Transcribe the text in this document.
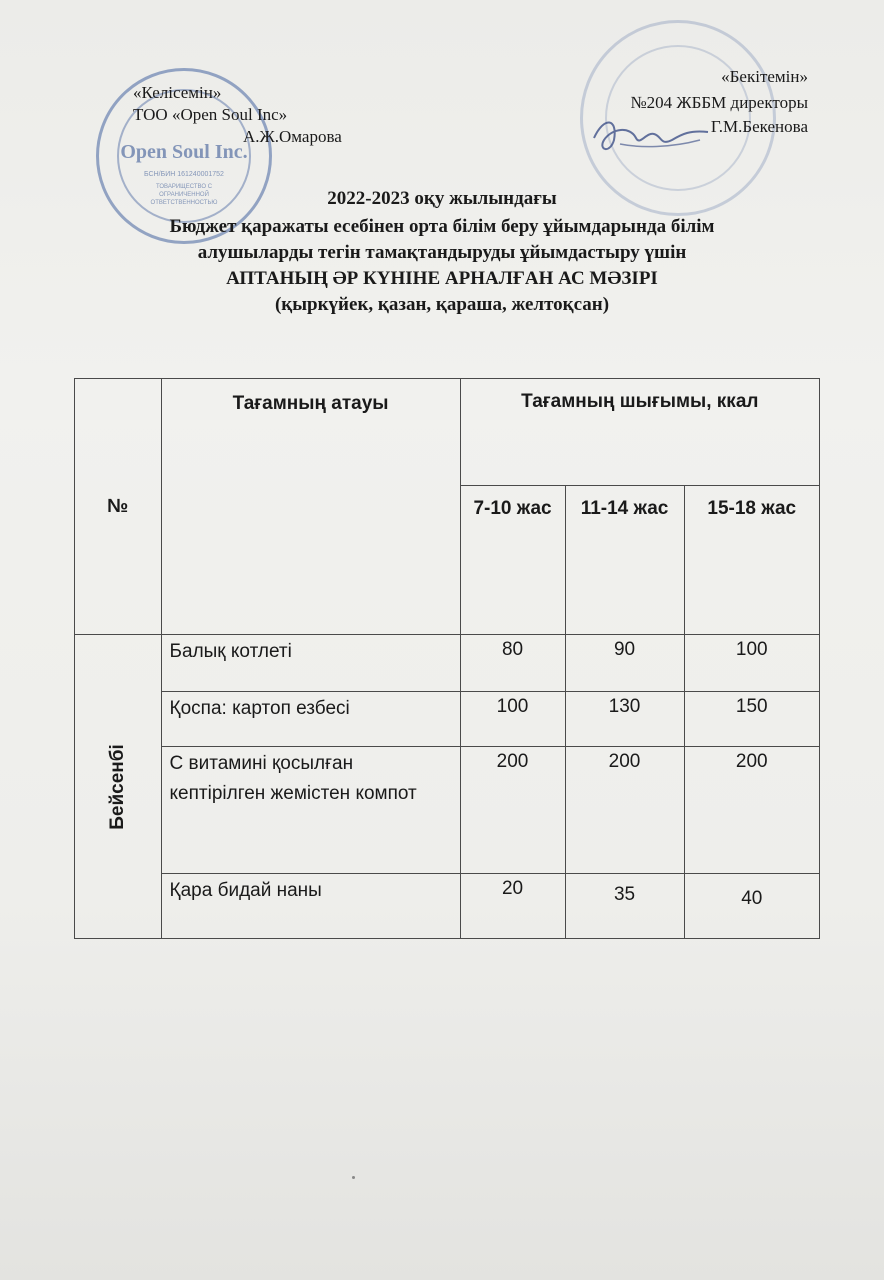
Open Soul Inc.
БСН/БИН 161240001752
ТОВАРИЩЕСТВО С ОГРАНИЧЕННОЙ ОТВЕТСТВЕННОСТЬЮ
«Келісемін»
ТОО «Open Soul Inc»
А.Ж.Омарова
«Бекітемін»
№204 ЖББМ директоры
Г.М.Бекенова
2022-2023 оқу жылындағы
Бюджет қаражаты есебінен орта білім беру ұйымдарында білім
алушыларды тегін тамақтандыруды ұйымдастыру үшін
АПТАНЫҢ ӘР КҮНІНЕ АРНАЛҒАН АС МӘЗІРІ
(қыркүйек, қазан, қараша, желтоқсан)
№	Тағамның атауы	Тағамның шығымы, ккал		
		7-10 жас	11-14 жас	15-18 жас
Бейсенбі	Балық котлеті	80	90	100
	Қоспа: картоп езбесі	100	130	150
	С витамині қосылған кептірілген жемістен компот	200	200	200
	Қара бидай наны	20	35	40
